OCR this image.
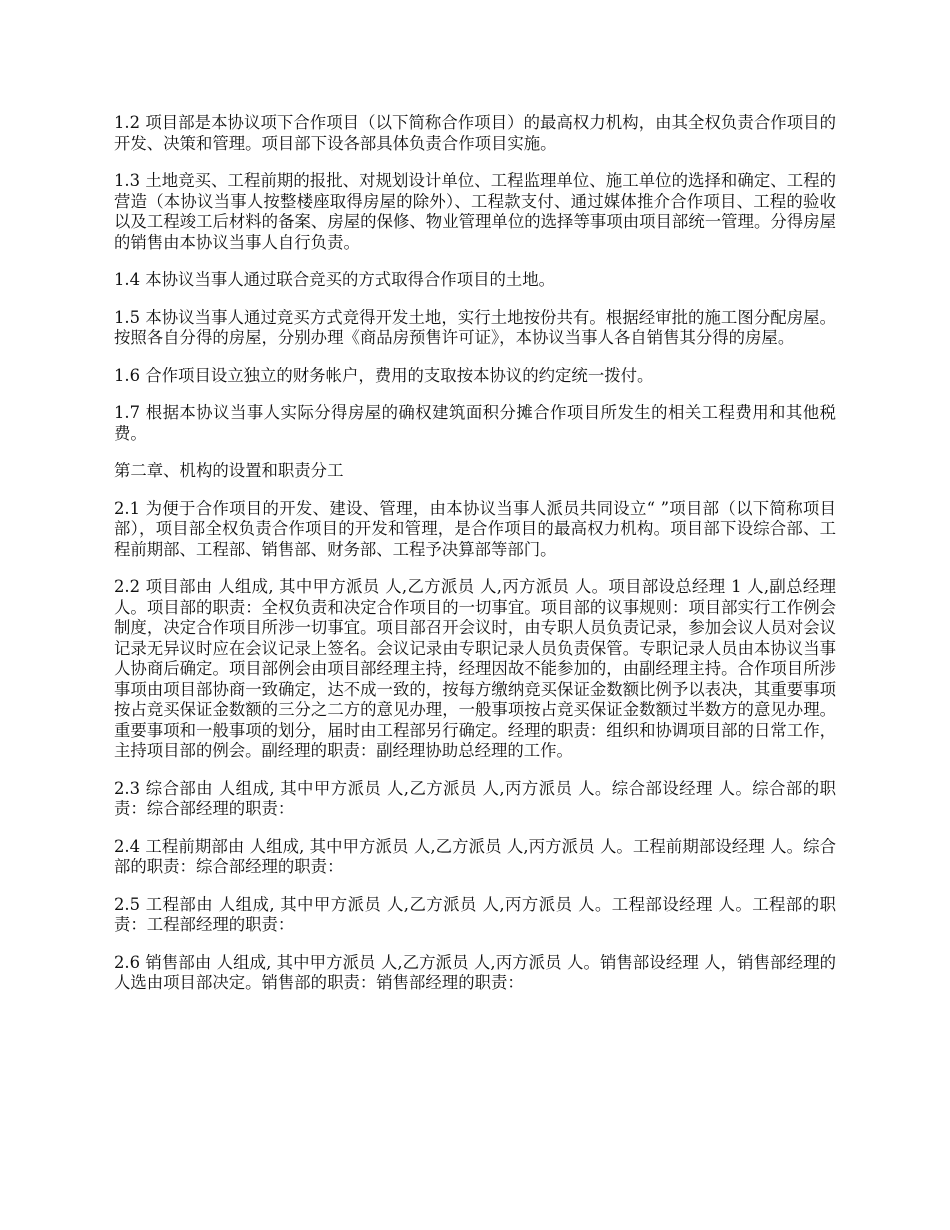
1.2 项目部是本协议项下合作项目（以下简称合作项目）的最高权力机构，由其全权负责合作项目的开发、决策和管理。项目部下设各部具体负责合作项目实施。

1.3 土地竞买、工程前期的报批、对规划设计单位、工程监理单位、施工单位的选择和确定、工程的营造（本协议当事人按整楼座取得房屋的除外）、工程款支付、通过媒体推介合作项目、工程的验收以及工程竣工后材料的备案、房屋的保修、物业管理单位的选择等事项由项目部统一管理。分得房屋的销售由本协议当事人自行负责。

1.4 本协议当事人通过联合竞买的方式取得合作项目的土地。

1.5 本协议当事人通过竞买方式竞得开发土地，实行土地按份共有。根据经审批的施工图分配房屋。按照各自分得的房屋，分别办理《商品房预售许可证》，本协议当事人各自销售其分得的房屋。

1.6 合作项目设立独立的财务帐户，费用的支取按本协议的约定统一拨付。

1.7 根据本协议当事人实际分得房屋的确权建筑面积分摊合作项目所发生的相关工程费用和其他税费。

第二章、机构的设置和职责分工

2.1 为便于合作项目的开发、建设、管理，由本协议当事人派员共同设立“ ”项目部（以下简称项目部），项目部全权负责合作项目的开发和管理，是合作项目的最高权力机构。项目部下设综合部、工程前期部、工程部、销售部、财务部、工程予决算部等部门。

2.2 项目部由 人组成, 其中甲方派员 人,乙方派员 人,丙方派员 人。项目部设总经理 1 人,副总经理 人。项目部的职责：全权负责和决定合作项目的一切事宜。项目部的议事规则：项目部实行工作例会制度，决定合作项目所涉一切事宜。项目部召开会议时，由专职人员负责记录，参加会议人员对会议记录无异议时应在会议记录上签名。会议记录由专职记录人员负责保管。专职记录人员由本协议当事人协商后确定。项目部例会由项目部经理主持，经理因故不能参加的，由副经理主持。合作项目所涉事项由项目部协商一致确定，达不成一致的，按每方缴纳竞买保证金数额比例予以表决，其重要事项按占竞买保证金数额的三分之二方的意见办理，一般事项按占竞买保证金数额过半数方的意见办理。重要事项和一般事项的划分，届时由工程部另行确定。经理的职责：组织和协调项目部的日常工作，主持项目部的例会。副经理的职责：副经理协助总经理的工作。

2.3 综合部由 人组成, 其中甲方派员 人,乙方派员 人,丙方派员 人。综合部设经理 人。综合部的职责：综合部经理的职责：

2.4 工程前期部由 人组成, 其中甲方派员 人,乙方派员 人,丙方派员 人。工程前期部设经理 人。综合部的职责：综合部经理的职责：

2.5 工程部由 人组成, 其中甲方派员 人,乙方派员 人,丙方派员 人。工程部设经理 人。工程部的职责：工程部经理的职责：

2.6 销售部由 人组成, 其中甲方派员 人,乙方派员 人,丙方派员 人。销售部设经理 人，销售部经理的人选由项目部决定。销售部的职责：销售部经理的职责：
